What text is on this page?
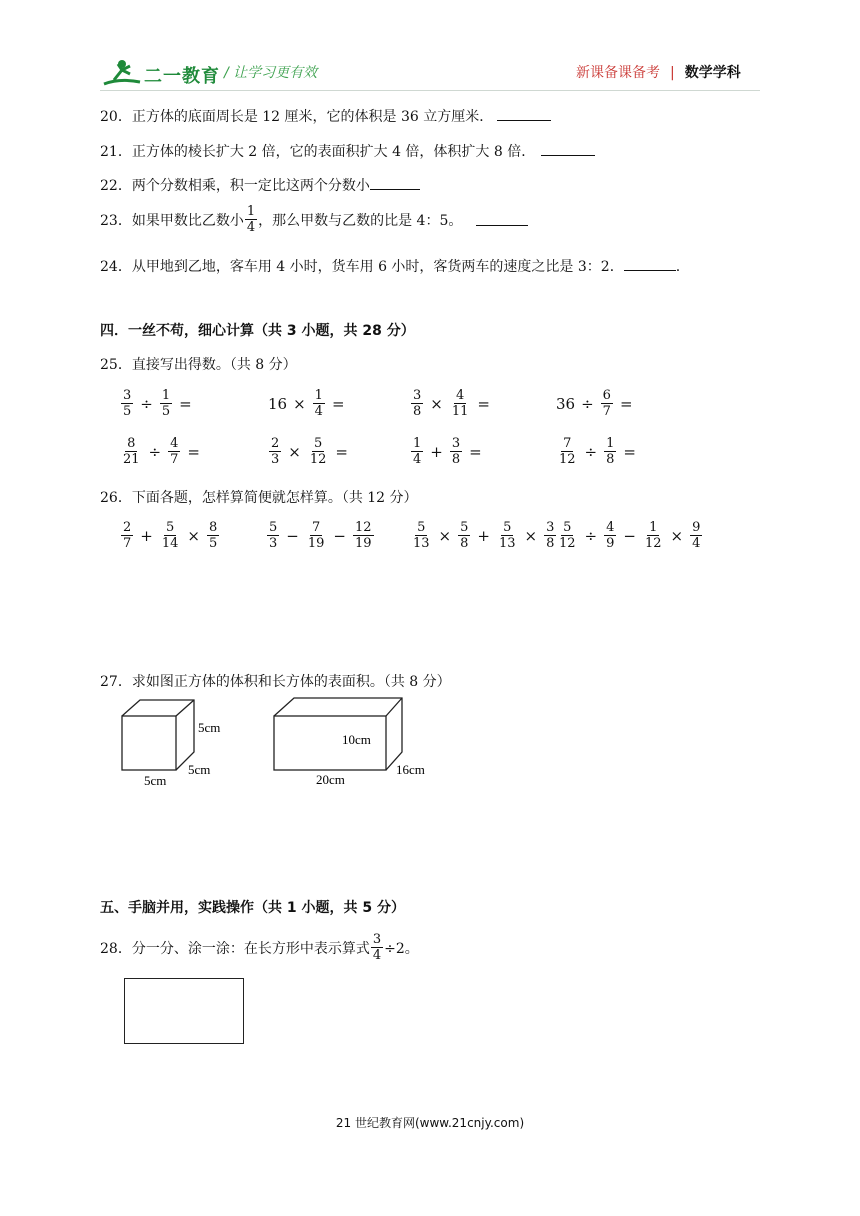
二一教育 / 让学习更有效	新课备课备考 | 数学学科
20．正方体的底面周长是 12 厘米，它的体积是 36 立方厘米．
21．正方体的棱长扩大 2 倍，它的表面积扩大 4 倍，体积扩大 8 倍．
22．两个分数相乘，积一定比这两个分数小
23．如果甲数比乙数小 $\frac{1}{4}$ ，那么甲数与乙数的比是 4：5。
24．从甲地到乙地，客车用 4 小时，货车用 6 小时，客货两车的速度之比是 3：2．	.
四．一丝不苟，细心计算（共 3 小题，共 28 分）
25．直接写出得数。（共 8 分）
$\frac{3}{5} \div \frac{1}{5}$ =	$16 \times \frac{1}{4}$ =	$\frac{3}{8} \times \frac{4}{11}$ =	$36 \div \frac{6}{7}$ =
$\frac{8}{21} \div \frac{4}{7}$ =	$\frac{2}{3} \times \frac{5}{12}$ =	$\frac{1}{4} + \frac{3}{8}$ =	$\frac{7}{12} \div \frac{1}{8}$ =
26．下面各题，怎样算简便就怎样算。（共 12 分）
$\frac{2}{7} + \frac{5}{14} \times \frac{8}{5}$	$\frac{5}{3} - \frac{7}{19} - \frac{12}{19}$	$\frac{5}{13} \times \frac{5}{8} + \frac{5}{13} \times \frac{3}{8} \frac{5}{12} \div \frac{4}{9} - \frac{1}{12} \times \frac{9}{4}$
27．求如图正方体的体积和长方体的表面积。（共 8 分）
5cm
5cm
5cm
10cm
20cm
16cm
五、手脑并用，实践操作（共 1 小题，共 5 分）
28．分一分、涂一涂：在长方形中表示算式 $\frac{3}{4} \div 2$。
21 世纪教育网(www.21cnjy.com)
